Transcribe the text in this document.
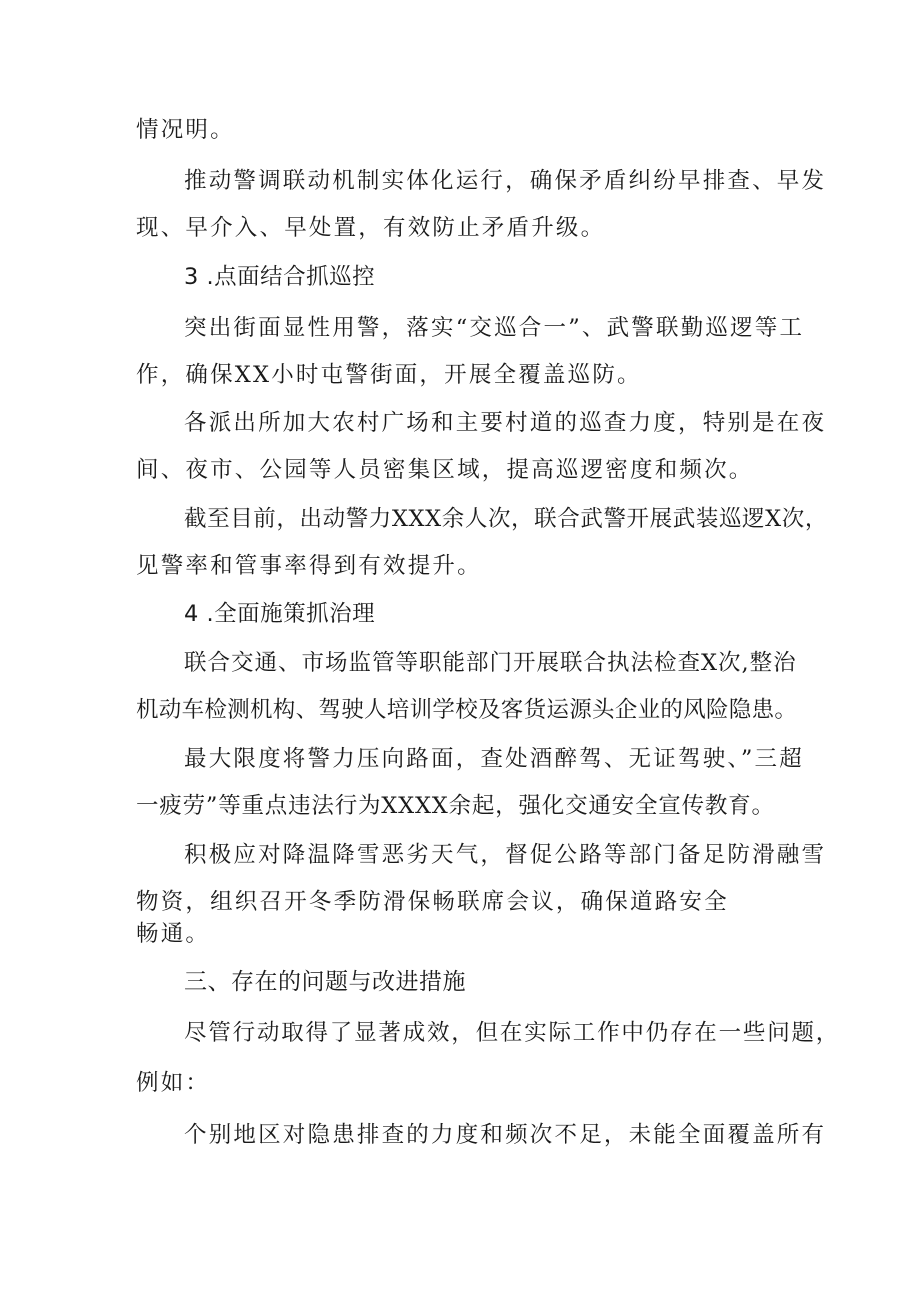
情况明。
推动警调联动机制实体化运行，确保矛盾纠纷早排查、早发
现、早介入、早处置，有效防止矛盾升级。
3 .点面结合抓巡控
突出街面显性用警，落实“交巡合一”、武警联勤巡逻等工
作，确保XX小时屯警街面，开展全覆盖巡防。
各派出所加大农村广场和主要村道的巡查力度，特别是在夜
间、夜市、公园等人员密集区域，提高巡逻密度和频次。
截至目前，出动警力XXX余人次，联合武警开展武装巡逻X次，
见警率和管事率得到有效提升。
4 .全面施策抓治理
联合交通、市场监管等职能部门开展联合执法检查X次,整治
机动车检测机构、驾驶人培训学校及客货运源头企业的风险隐患。
最大限度将警力压向路面，查处酒醉驾、无证驾驶、”三超
一疲劳”等重点违法行为XXXX余起，强化交通安全宣传教育。
积极应对降温降雪恶劣天气，督促公路等部门备足防滑融雪
物资，组织召开冬季防滑保畅联席会议，确保道路安全
畅通。
三、存在的问题与改进措施
尽管行动取得了显著成效，但在实际工作中仍存在一些问题，
例如：
个别地区对隐患排查的力度和频次不足，未能全面覆盖所有
